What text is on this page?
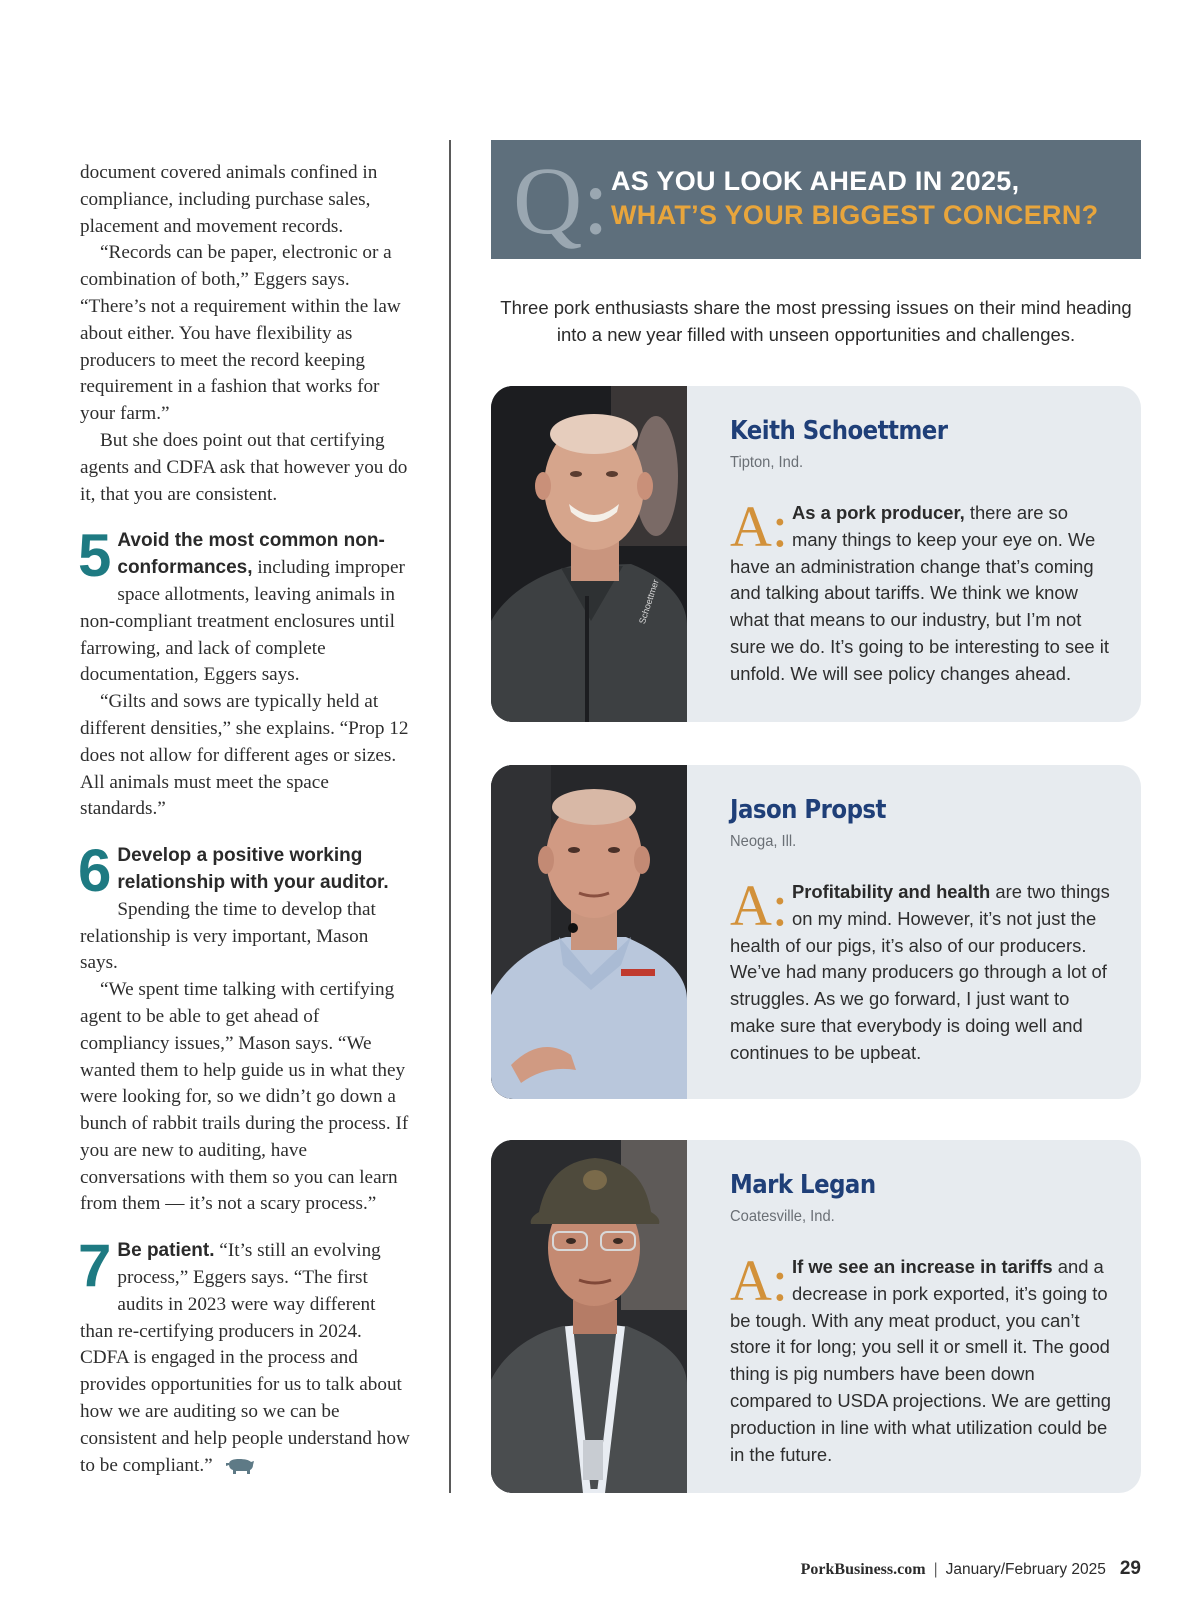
document covered animals confined in compliance, including purchase sales, placement and movement records.

“Records can be paper, electronic or a combination of both,” Eggers says. “There’s not a requirement within the law about either. You have flexibility as producers to meet the record keeping requirement in a fashion that works for your farm.”

But she does point out that certifying agents and CDFA ask that however you do it, that you are consistent.

5 Avoid the most common non-conformances, including improper space allotments, leaving animals in non-compliant treatment enclosures until farrowing, and lack of complete documentation, Eggers says.

“Gilts and sows are typically held at different densities,” she explains. “Prop 12 does not allow for different ages or sizes. All animals must meet the space standards.”

6 Develop a positive working relationship with your auditor. Spending the time to develop that relationship is very important, Mason says.

“We spent time talking with certifying agent to be able to get ahead of compliancy issues,” Mason says. “We wanted them to help guide us in what they were looking for, so we didn’t go down a bunch of rabbit trails during the process. If you are new to auditing, have conversations with them so you can learn from them — it’s not a scary process.”

7 Be patient. “It’s still an evolving process,” Eggers says. “The first audits in 2023 were way different than re-certifying producers in 2024. CDFA is engaged in the process and provides opportunities for us to talk about how we are auditing so we can be consistent and help people understand how to be compliant.”

Q: AS YOU LOOK AHEAD IN 2025,
WHAT’S YOUR BIGGEST CONCERN?
Three pork enthusiasts share the most pressing issues on their mind heading into a new year filled with unseen opportunities and challenges.
Schoettmer
Keith Schoettmer
Tipton, Ind.
A: As a pork producer, there are so many things to keep your eye on. We have an administration change that’s coming and talking about tariffs. We think we know what that means to our industry, but I’m not sure we do. It’s going to be interesting to see it unfold. We will see policy changes ahead.
Jason Propst
Neoga, Ill.
A: Profitability and health are two things on my mind. However, it’s not just the health of our pigs, it’s also of our producers. We’ve had many producers go through a lot of struggles. As we go forward, I just want to make sure that everybody is doing well and continues to be upbeat.
Mark Legan
Coatesville, Ind.
A: If we see an increase in tariffs and a decrease in pork exported, it’s going to be tough. With any meat product, you can’t store it for long; you sell it or smell it. The good thing is pig numbers have been down compared to USDA projections. We are getting production in line with what utilization could be in the future.
PorkBusiness.com | January/February 2025 29
